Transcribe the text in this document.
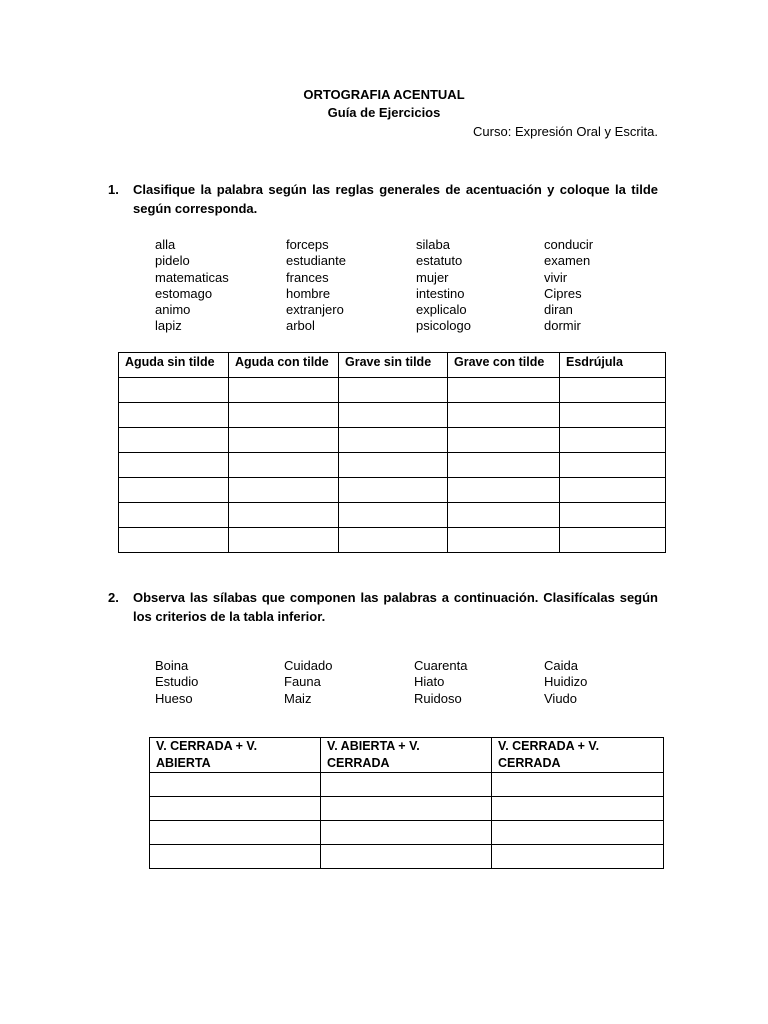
ORTOGRAFIA ACENTUAL
Guía de Ejercicios
Curso: Expresión Oral y Escrita.
1.	Clasifique la palabra según las reglas generales de acentuación y coloque la tilde según corresponda.
alla
pidelo
matematicas
estomago
animo
lapiz
forceps
estudiante
frances
hombre
extranjero
arbol
silaba
estatuto
mujer
intestino
explicalo
psicologo
conducir
examen
vivir
Cipres
diran
dormir
Aguda sin tilde	Aguda con tilde	Grave sin tilde	Grave con tilde	Esdrújula

2.	Observa las sílabas que componen las palabras a continuación. Clasifícalas según los criterios de la tabla inferior.
Boina
Estudio
Hueso
Cuidado
Fauna
Maiz
Cuarenta
Hiato
Ruidoso
Caida
Huidizo
Viudo
V. CERRADA + V. ABIERTA	V. ABIERTA + V. CERRADA	V. CERRADA + V. CERRADA
